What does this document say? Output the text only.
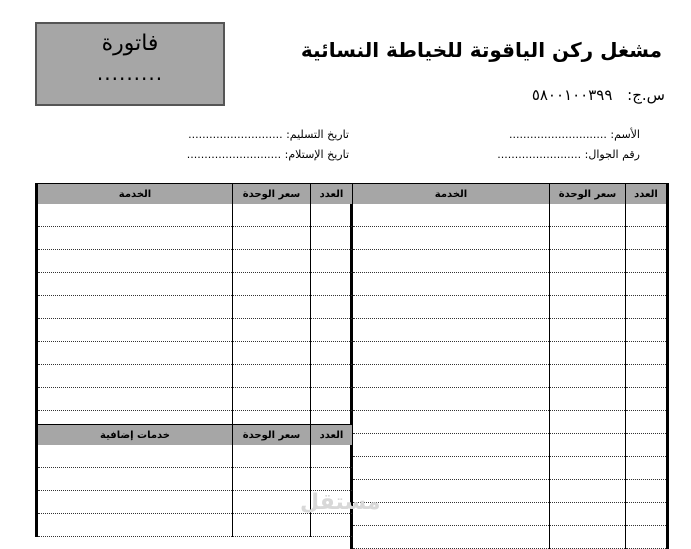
فاتورة
.........
مشغل ركن الياقوتة للخياطة النسائية
س.ج: ٥٨٠٠١٠٠٣٩٩
الأسم: ............................
رقم الجوال: ........................
تاريخ التسليم: ...........................
تاريخ الإستلام: ...........................
العدد	سعر الوحدة	الخدمة

العدد	سعر الوحدة	الخدمة

العدد	سعر الوحدة	خدمات إضافية

مستقل
